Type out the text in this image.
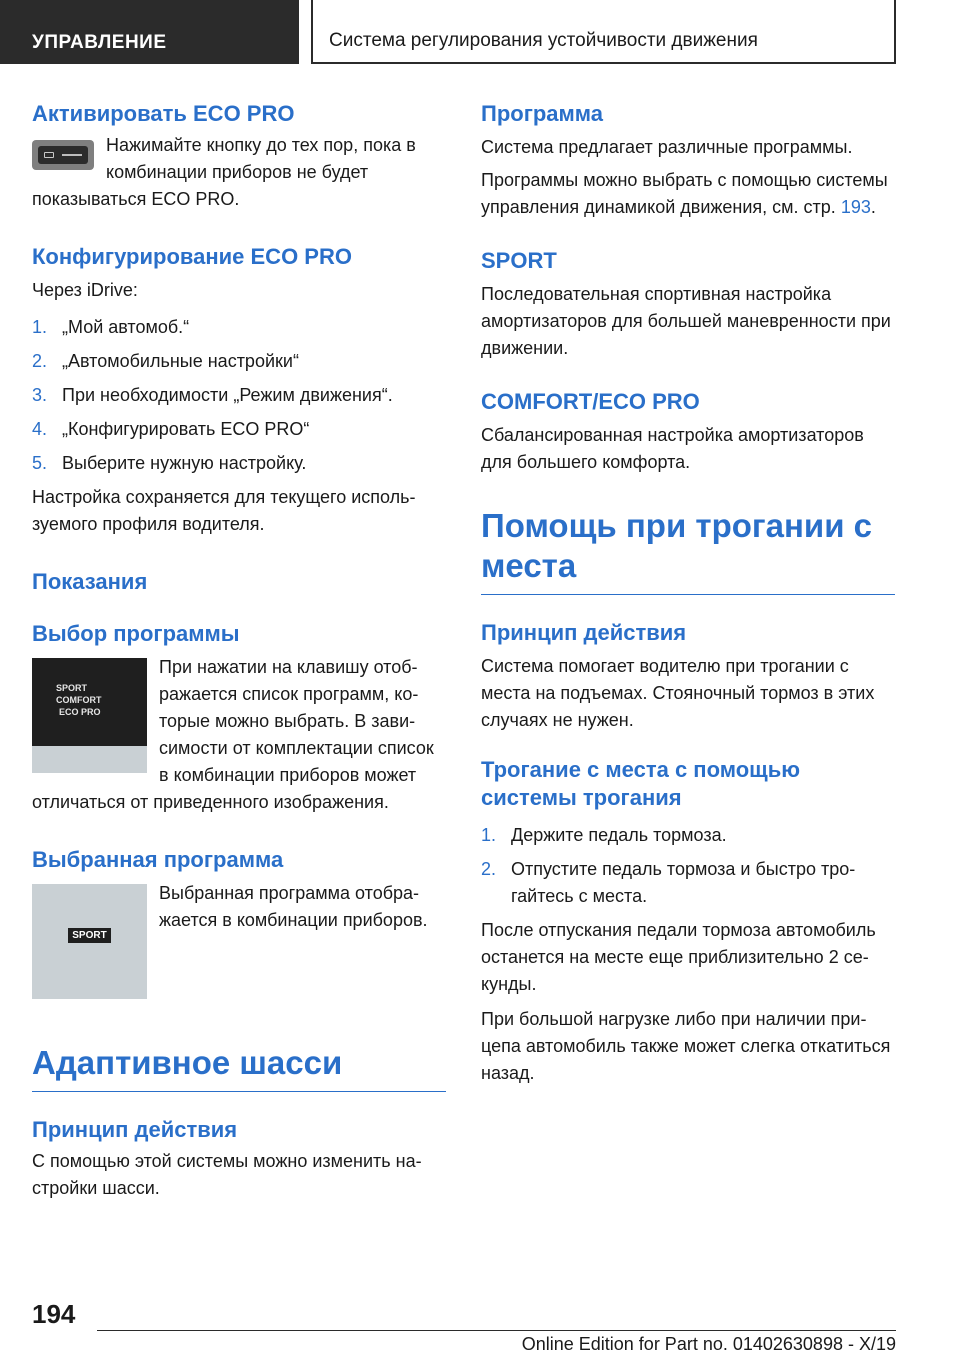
УПРАВЛЕНИЕ	Система регулирования устойчивости движения
Активировать ECO PRO
Нажимайте кнопку до тех пор, пока в комбинации приборов не будет показываться ECO PRO.
Конфигурирование ECO PRO
Через iDrive:
1. „Мой автомоб.“
2. „Автомобильные настройки“
3. При необходимости „Режим движения“.
4. „Конфигурировать ECO PRO“
5. Выберите нужную настройку.
Настройка сохраняется для текущего используемого профиля водителя.
Показания
Выбор программы
SPORT
COMFORT
ECO PRO
При нажатии на клавишу отображается список программ, которые можно выбрать. В зависимости от комплектации список в комбинации приборов может отличаться от приведенного изображения.
Выбранная программа
SPORT
Выбранная программа отображается в комбинации приборов.
Адаптивное шасси
Принцип действия
С помощью этой системы можно изменить настройки шасси.
Программа
Система предлагает различные программы.
Программы можно выбрать с помощью системы управления динамикой движения, см. стр. 193.
SPORT
Последовательная спортивная настройка амортизаторов для большей маневренности при движении.
COMFORT/ECO PRO
Сбалансированная настройка амортизаторов для большего комфорта.
Помощь при трогании с места
Принцип действия
Система помогает водителю при трогании с места на подъемах. Стояночный тормоз в этих случаях не нужен.
Трогание с места с помощью системы трогания
1. Держите педаль тормоза.
2. Отпустите педаль тормоза и быстро трогайтесь с места.
После отпускания педали тормоза автомобиль останется на месте еще приблизительно 2 секунды.
При большой нагрузке либо при наличии прицепа автомобиль также может слегка откатиться назад.
194
Online Edition for Part no. 01402630898 - X/19
